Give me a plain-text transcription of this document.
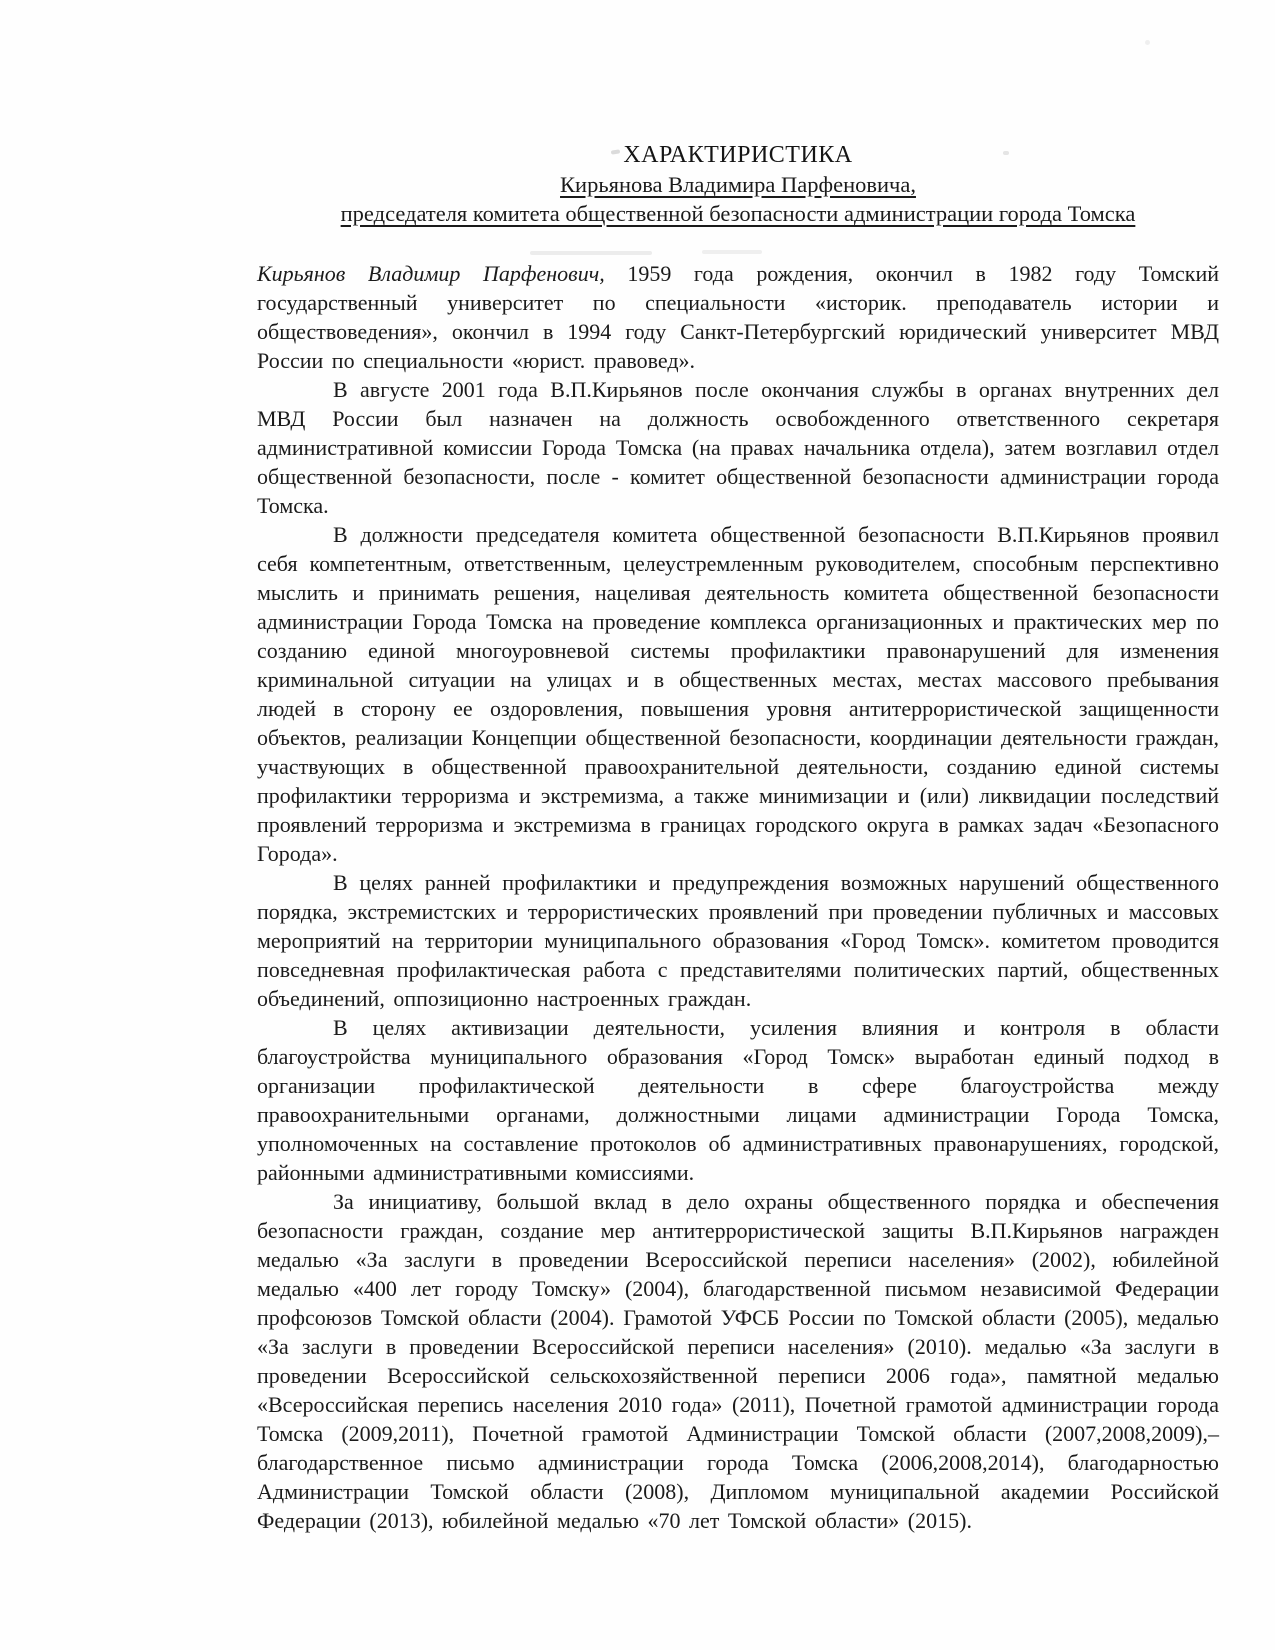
ХАРАКТИРИСТИКА
Кирьянова Владимира Парфеновича,
председателя комитета общественной безопасности администрации города Томска

Кирьянов Владимир Парфенович, 1959 года рождения, окончил в 1982 году Томский государственный университет по специальности «историк. преподаватель истории и обществоведения», окончил в 1994 году Санкт-Петербургский юридический университет МВД России по специальности «юрист. правовед».

В августе 2001 года В.П.Кирьянов после окончания службы в органах внутренних дел МВД России был назначен на должность освобожденного ответственного секретаря административной комиссии Города Томска (на правах начальника отдела), затем возглавил отдел общественной безопасности, после - комитет общественной безопасности администрации города Томска.

В должности председателя комитета общественной безопасности В.П.Кирьянов проявил себя компетентным, ответственным, целеустремленным руководителем, способным перспективно мыслить и принимать решения, нацеливая деятельность комитета общественной безопасности администрации Города Томска на проведение комплекса организационных и практических мер по созданию единой многоуровневой системы профилактики правонарушений для изменения криминальной ситуации на улицах и в общественных местах, местах массового пребывания людей в сторону ее оздоровления, повышения уровня антитеррористической защищенности объектов, реализации Концепции общественной безопасности, координации деятельности граждан, участвующих в общественной правоохранительной деятельности, созданию единой системы профилактики терроризма и экстремизма, а также минимизации и (или) ликвидации последствий проявлений терроризма и экстремизма в границах городского округа в рамках задач «Безопасного Города».

В целях ранней профилактики и предупреждения возможных нарушений общественного порядка, экстремистских и террористических проявлений при проведении публичных и массовых мероприятий на территории муниципального образования «Город Томск». комитетом проводится повседневная профилактическая работа с представителями политических партий, общественных объединений, оппозиционно настроенных граждан.

В целях активизации деятельности, усиления влияния и контроля в области благоустройства муниципального образования «Город Томск» выработан единый подход в организации профилактической деятельности в сфере благоустройства между правоохранительными органами, должностными лицами администрации Города Томска, уполномоченных на составление протоколов об административных правонарушениях, городской, районными административными комиссиями.

За инициативу, большой вклад в дело охраны общественного порядка и обеспечения безопасности граждан, создание мер антитеррористической защиты В.П.Кирьянов награжден медалью «За заслуги в проведении Всероссийской переписи населения» (2002), юбилейной медалью «400 лет городу Томску» (2004), благодарственной письмом независимой Федерации профсоюзов Томской области (2004). Грамотой УФСБ России по Томской области (2005), медалью «За заслуги в проведении Всероссийской переписи населения» (2010). медалью «За заслуги в проведении Всероссийской сельскохозяйственной переписи 2006 года», памятной медалью «Всероссийская перепись населения 2010 года» (2011), Почетной грамотой администрации города Томска (2009,2011), Почетной грамотой Администрации Томской области (2007,2008,2009),– благодарственное письмо администрации города Томска (2006,2008,2014), благодарностью Администрации Томской области (2008), Дипломом муниципальной академии Российской Федерации (2013), юбилейной медалью «70 лет Томской области» (2015).
